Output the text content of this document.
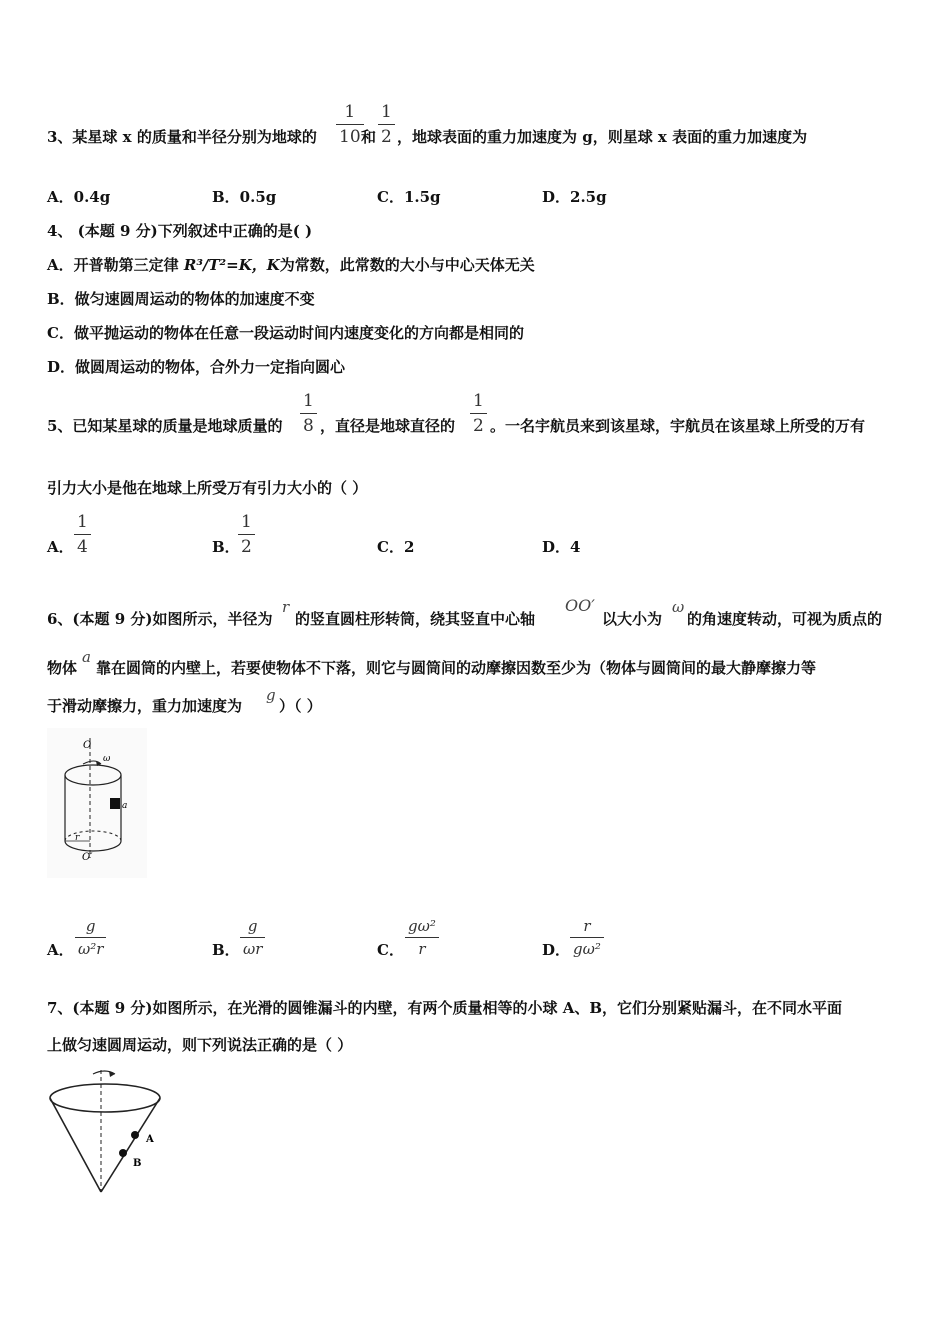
3、某星球 x 的质量和半径分别为地球的
1
10 和
1
2 ，地球表面的重力加速度为 g，则星球 x 表面的重力加速度为
A．0.4g	B．0.5g	C．1.5g	D．2.5g
4、 (本题 9 分)下列叙述中正确的是( )
A．开普勒第三定律 R³/T²=K，K为常数，此常数的大小与中心天体无关
B．做匀速圆周运动的物体的加速度不变
C．做平抛运动的物体在任意一段运动时间内速度变化的方向都是相同的
D．做圆周运动的物体，合外力一定指向圆心
5、已知某星球的质量是地球质量的
1
8 ，直径是地球直径的
1
2 。一名宇航员来到该星球，宇航员在该星球上所受的万有
引力大小是他在地球上所受万有引力大小的（ ）
A．
1
4	B．
1
2	C．2	D．4
6、(本题 9 分)如图所示，半径为
r
的竖直圆柱形转筒，绕其竖直中心轴
OO′
以大小为
ω
的角速度转动，可视为质点的
物体
a
靠在圆筒的内壁上，若要使物体不下落，则它与圆筒间的动摩擦因数至少为（物体与圆筒间的最大静摩擦力等
于滑动摩擦力，重力加速度为
g
）（ ）
O
ω
a
r
O′
A．
g
ω²r	B．
g
ωr	C．
gω²
r	D．
r
gω²
7、(本题 9 分)如图所示，在光滑的圆锥漏斗的内壁，有两个质量相等的小球 A、B，它们分别紧贴漏斗，在不同水平面
上做匀速圆周运动，则下列说法正确的是（ ）
A
B
